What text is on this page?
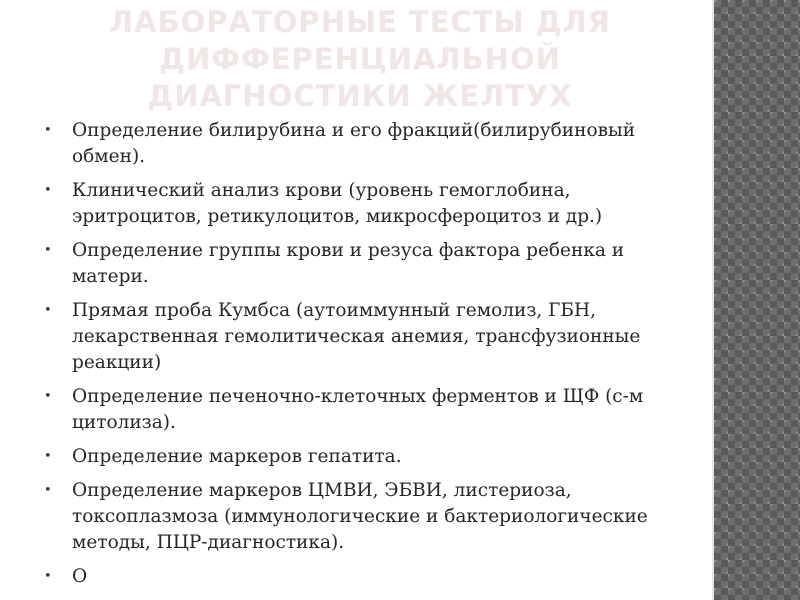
ЛАБОРАТОРНЫЕ ТЕСТЫ ДЛЯ ДИФФЕРЕНЦИАЛЬНОЙ ДИАГНОСТИКИ ЖЕЛТУХ
• Определение билирубина и его фракций(билирубиновый обмен).
• Клинический анализ крови (уровень гемоглобина, эритроцитов, ретикулоцитов, микросфероцитоз и др.)
• Определение группы крови и резуса фактора ребенка и матери.
• Прямая проба Кумбса (аутоиммунный гемолиз, ГБН, лекарственная гемолитическая анемия, трансфузионные реакции)
• Определение печеночно-клеточных ферментов и ЩФ (с-м цитолиза).
• Определение маркеров гепатита.
• Определение маркеров ЦМВИ, ЭБВИ, листериоза, токсоплазмоза (иммунологические и бактериологические методы, ПЦР-диагностика).
• О
